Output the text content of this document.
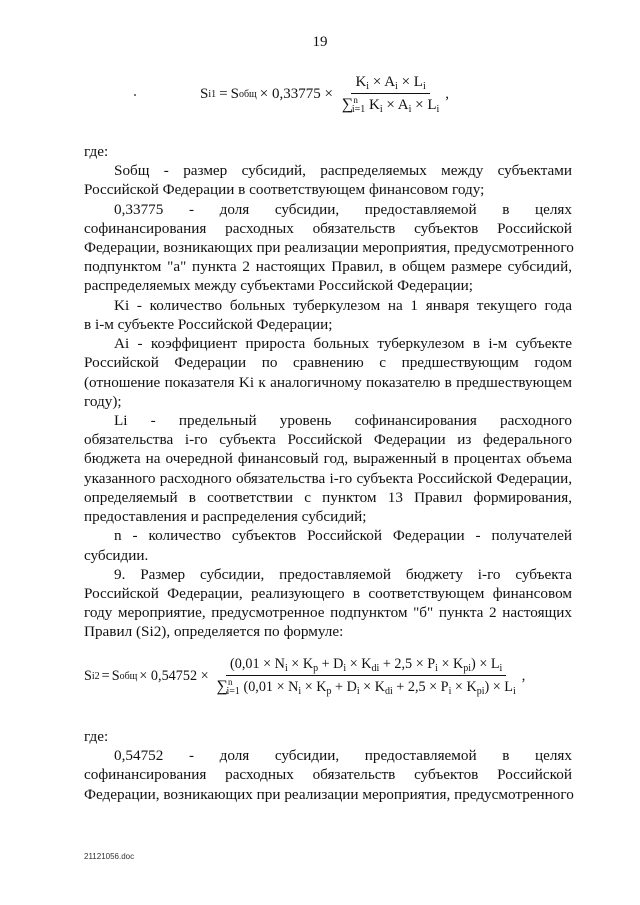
19
S i1 = S общ × $0,33775 \times \frac{K_i \times A_i \times L_i}{\sum^n_{i=1} K_i \times A_i \times L_i}$ ,
где:
Sобщ - размер субсидий, распределяемых между субъектами
Российской Федерации в соответствующем финансовом году;
0,33775 - доля субсидии, предоставляемой в целях
софинансирования расходных обязательств субъектов Российской
Федерации, возникающих при реализации мероприятия, предусмотренного
подпунктом "а" пункта 2 настоящих Правил, в общем размере субсидий,
распределяемых между субъектами Российской Федерации;
Ki - количество больных туберкулезом на 1 января текущего года
в i-м субъекте Российской Федерации;
Ai - коэффициент прироста больных туберкулезом в i-м субъекте
Российской Федерации по сравнению с предшествующим годом
(отношение показателя Ki к аналогичному показателю в предшествующем
году);
Li - предельный уровень софинансирования расходного
обязательства i-го субъекта Российской Федерации из федерального
бюджета на очередной финансовый год, выраженный в процентах объема
указанного расходного обязательства i-го субъекта Российской Федерации,
определяемый в соответствии с пунктом 13 Правил формирования,
предоставления и распределения субсидий;
n - количество субъектов Российской Федерации - получателей
субсидии.
9. Размер субсидии, предоставляемой бюджету i-го субъекта
Российской Федерации, реализующего в соответствующем финансовом
году мероприятие, предусмотренное подпунктом "б" пункта 2 настоящих
Правил (Si2), определяется по формуле:
S i2 = S общ × 0,54752 ×
$(0,01 \times N_i \times K_p + D_i \times K_{di} + 2,5 \times P_i \times K_{pi}) \times L_i$
∑$^n_{i=1}$ $(0,01 \times N_i \times K_p + D_i \times K_{di} + 2,5 \times P_i \times K_{pi}) \times L_i$
,
где:
0,54752 - доля субсидии, предоставляемой в целях
софинансирования расходных обязательств субъектов Российской
Федерации, возникающих при реализации мероприятия, предусмотренного
21121056.doc
